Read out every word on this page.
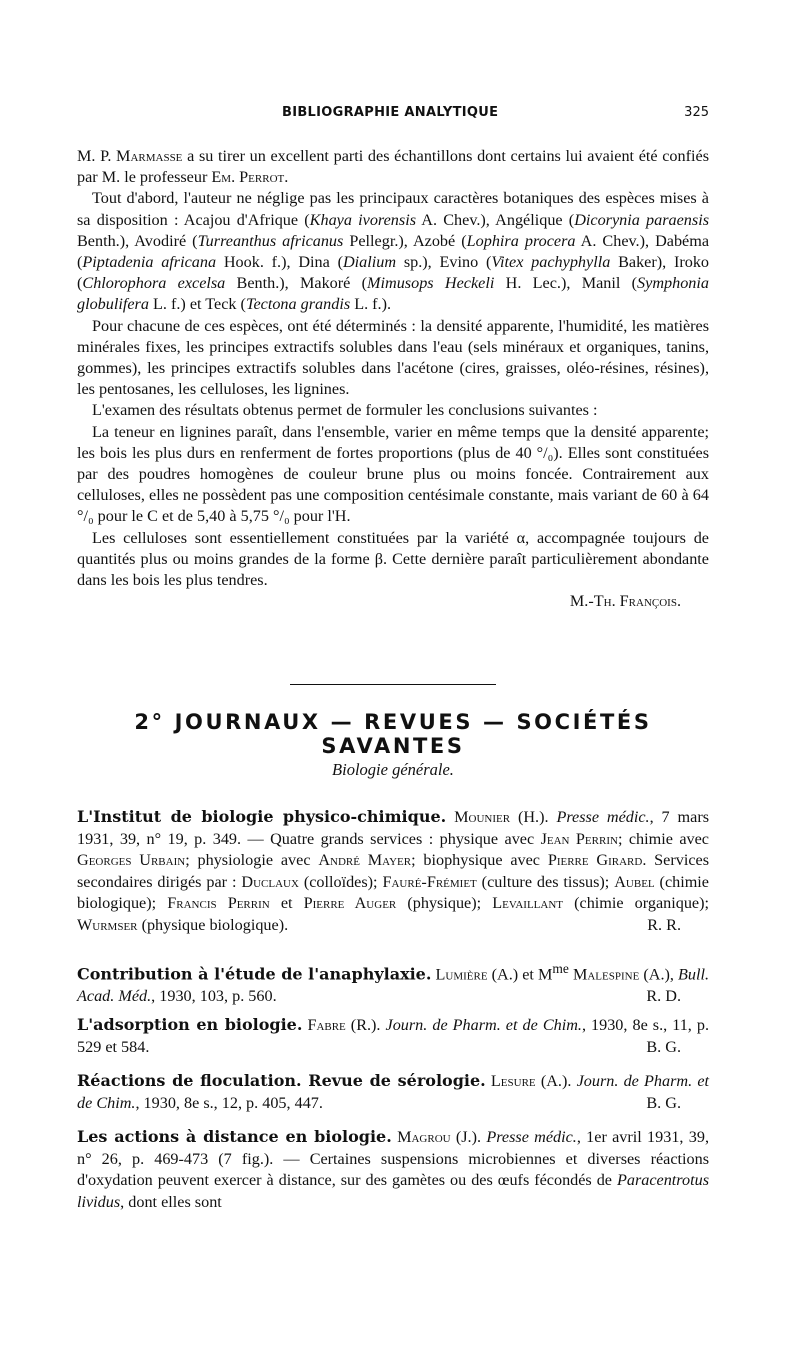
BIBLIOGRAPHIE ANALYTIQUE	325

M. P. Marmasse a su tirer un excellent parti des échantillons dont certains lui avaient été confiés par M. le professeur Em. Perrot.

Tout d'abord, l'auteur ne néglige pas les principaux caractères botaniques des espèces mises à sa disposition : Acajou d'Afrique (Khaya ivorensis A. Chev.), Angélique (Dicorynia paraensis Benth.), Avodiré (Turreanthus africanus Pellegr.), Azobé (Lophira procera A. Chev.), Dabéma (Piptadenia africana Hook. f.), Dina (Dialium sp.), Evino (Vitex pachyphylla Baker), Iroko (Chlorophora excelsa Benth.), Makoré (Mimusops Heckeli H. Lec.), Manil (Symphonia globulifera L. f.) et Teck (Tectona grandis L. f.).

Pour chacune de ces espèces, ont été déterminés : la densité apparente, l'humidité, les matières minérales fixes, les principes extractifs solubles dans l'eau (sels minéraux et organiques, tanins, gommes), les principes extractifs solubles dans l'acétone (cires, graisses, oléo-résines, résines), les pentosanes, les celluloses, les lignines.

L'examen des résultats obtenus permet de formuler les conclusions suivantes :

La teneur en lignines paraît, dans l'ensemble, varier en même temps que la densité apparente; les bois les plus durs en renferment de fortes proportions (plus de 40 °/₀). Elles sont constituées par des poudres homogènes de couleur brune plus ou moins foncée. Contrairement aux celluloses, elles ne possèdent pas une composition centésimale constante, mais variant de 60 à 64 °/₀ pour le C et de 5,40 à 5,75 °/₀ pour l'H.

Les celluloses sont essentiellement constituées par la variété α, accompagnée toujours de quantités plus ou moins grandes de la forme β. Cette dernière paraît particulièrement abondante dans les bois les plus tendres.

M.-Th. François.

2° JOURNAUX — REVUES — SOCIÉTÉS SAVANTES
Biologie générale.
L'Institut de biologie physico-chimique. Mounier (H.). Presse médic., 7 mars 1931, 39, n° 19, p. 349. — Quatre grands services : physique avec Jean Perrin; chimie avec Georges Urbain; physiologie avec André Mayer; biophysique avec Pierre Girard. Services secondaires dirigés par : Duclaux (colloïdes); Fauré-Frémiet (culture des tissus); Aubel (chimie biologique); Francis Perrin et Pierre Auger (physique); Levaillant (chimie organique); Wurmser (physique biologique).	R. R.
Contribution à l'étude de l'anaphylaxie. Lumière (A.) et $M^{me}$ Malespine (A.), Bull. Acad. Méd., 1930, 103, p. 560.	R. D.
L'adsorption en biologie. Fabre (R.). Journ. de Pharm. et de Chim., 1930, 8e s., 11, p. 529 et 584.	B. G.
Réactions de floculation. Revue de sérologie. Lesure (A.). Journ. de Pharm. et de Chim., 1930, 8e s., 12, p. 405, 447.	B. G.
Les actions à distance en biologie. Magrou (J.). Presse médic., 1er avril 1931, 39, n° 26, p. 469-473 (7 fig.). — Certaines suspensions microbiennes et diverses réactions d'oxydation peuvent exercer à distance, sur des gamètes ou des œufs fécondés de Paracentrotus lividus, dont elles sont
